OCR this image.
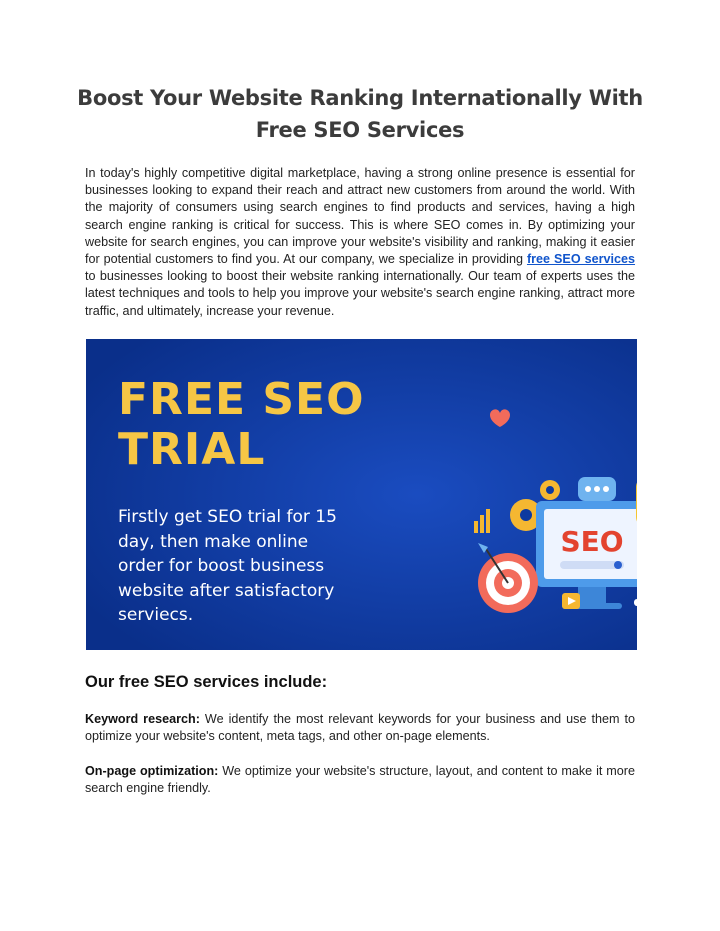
Boost Your Website Ranking Internationally With
Free SEO Services

In today's highly competitive digital marketplace, having a strong online presence is essential for businesses looking to expand their reach and attract new customers from around the world. With the majority of consumers using search engines to find products and services, having a high search engine ranking is critical for success. This is where SEO comes in. By optimizing your website for search engines, you can improve your website's visibility and ranking, making it easier for potential customers to find you. At our company, we specialize in providing free SEO services to businesses looking to boost their website ranking internationally. Our team of experts uses the latest techniques and tools to help you improve your website's search engine ranking, attract more traffic, and ultimately, increase your revenue.

FREE SEO
TRIAL
Firstly get SEO trial for 15
day, then make online
order for boost business
website after satisfactory
serviecs.
SEO
Our free SEO services include:

Keyword research: We identify the most relevant keywords for your business and use them to optimize your website's content, meta tags, and other on-page elements.

On-page optimization: We optimize your website's structure, layout, and content to make it more search engine friendly.
